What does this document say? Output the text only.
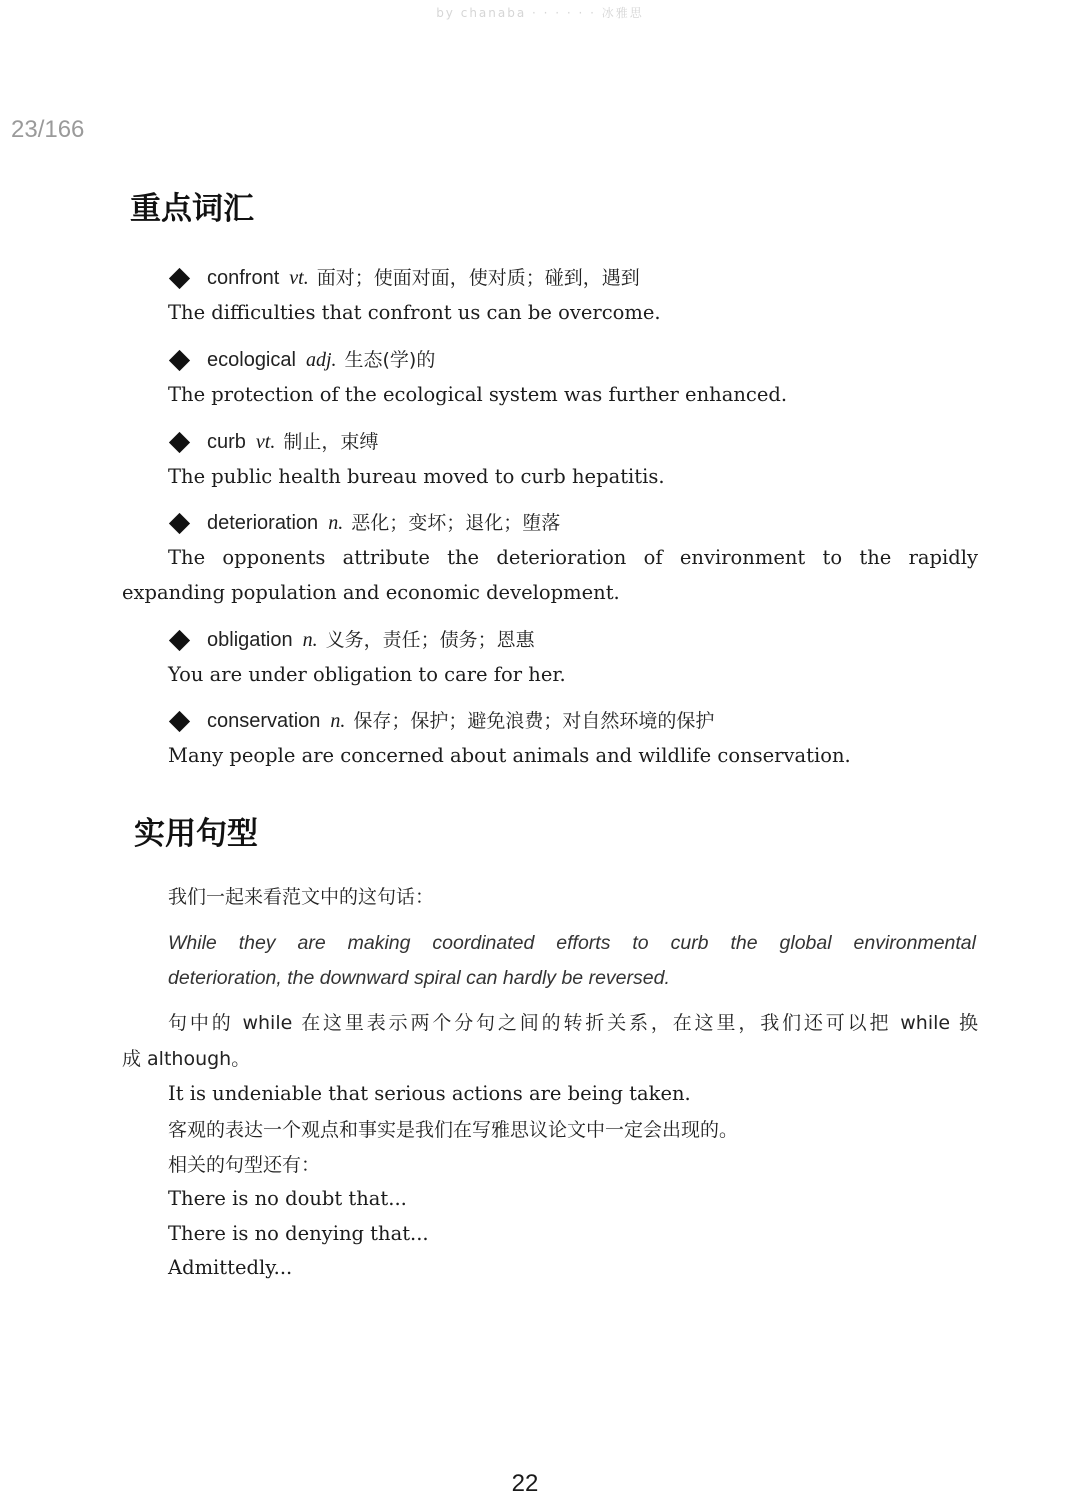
by chanaba · · · · · · 冰雅思
23/166
重点词汇
confront vt. 面对；使面对面，使对质；碰到，遇到
The difficulties that confront us can be overcome.
ecological adj. 生态(学)的
The protection of the ecological system was further enhanced.
curb vt. 制止，束缚
The public health bureau moved to curb hepatitis.
deterioration n. 恶化；变坏；退化；堕落
The opponents attribute the deterioration of environment to the rapidly
expanding population and economic development.
obligation n. 义务，责任；债务；恩惠
You are under obligation to care for her.
conservation n. 保存；保护；避免浪费；对自然环境的保护
Many people are concerned about animals and wildlife conservation.
实用句型
我们一起来看范文中的这句话：
While they are making coordinated efforts to curb the global environmental
deterioration, the downward spiral can hardly be reversed.
句中的 while 在这里表示两个分句之间的转折关系，在这里，我们还可以把 while 换
成 although。
It is undeniable that serious actions are being taken.
客观的表达一个观点和事实是我们在写雅思议论文中一定会出现的。
相关的句型还有：
There is no doubt that...
There is no denying that...
Admittedly...
22
